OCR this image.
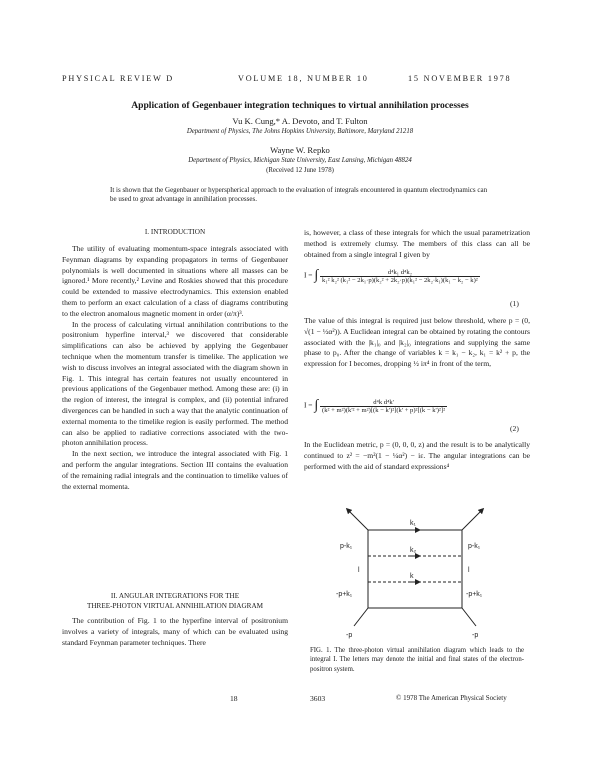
PHYSICAL REVIEW D	VOLUME 18, NUMBER 10	15 NOVEMBER 1978
Application of Gegenbauer integration techniques to virtual annihilation processes
Vu K. Cung,* A. Devoto, and T. Fulton
Department of Physics, The Johns Hopkins University, Baltimore, Maryland 21218
Wayne W. Repko
Department of Physics, Michigan State University, East Lansing, Michigan 48824
(Received 12 June 1978)
It is shown that the Gegenbauer or hyperspherical approach to the evaluation of integrals encountered in quantum electrodynamics can be used to great advantage in annihilation processes.
I. INTRODUCTION

The utility of evaluating momentum-space integrals associated with Feynman diagrams by expanding propagators in terms of Gegenbauer polynomials is well documented in situations where all masses can be ignored.¹ More recently,² Levine and Roskies showed that this procedure could be extended to massive electrodynamics. This extension enabled them to perform an exact calculation of a class of diagrams contributing to the electron anomalous magnetic moment in order (α/π)³.

In the process of calculating virtual annihilation contributions to the positronium hyperfine interval,³ we discovered that considerable simplifications can also be achieved by applying the Gegenbauer technique when the momentum transfer is timelike. The application we wish to discuss involves an integral associated with the diagram shown in Fig. 1. This integral has certain features not usually encountered in previous applications of the Gegenbauer method. Among these are: (i) in the region of interest, the integral is complex, and (ii) potential infrared divergences can be handled in such a way that the analytic continuation of external momenta to the timelike region is easily performed. The method can also be applied to radiative corrections associated with the two-photon annihilation process.

In the next section, we introduce the integral associated with Fig. 1 and perform the angular integrations. Section III contains the evaluation of the remaining radial integrals and the continuation to timelike values of the external momenta.

II. ANGULAR INTEGRATIONS FOR THE
THREE-PHOTON VIRTUAL ANNIHILATION DIAGRAM

The contribution of Fig. 1 to the hyperfine interval of positronium involves a variety of integrals, many of which can be evaluated using standard Feynman parameter techniques. There

is, however, a class of these integrals for which the usual parametrization method is extremely clumsy. The members of this class can all be obtained from a single integral I given by

I = ∫	d⁴k₁ d⁴k₂
k₁² k₂² (k₁² − 2k₁·p)(k₂² + 2k₂·p)(k₁² − 2k₂·k₁)(k₁ − k₂ − k)²
(1)

The value of this integral is required just below threshold, where p = (0, √(1 − ½α²)). A Euclidean integral can be obtained by rotating the contours associated with the |k₁|₀ and |k₂|₀ integrations and supplying the same phase to p₀. After the change of variables k = k₁ − k₂, k₁ = k² + p, the expression for I becomes, dropping ½ iπ⁴ in front of the term,

I = ∫ $\frac{\text{d⁴k d⁴k'}}{\text{(k² + m²)(k'² + m²)[(k − k')²](k' + p)²[(k − k')²]²}}$
(2)

In the Euclidean metric, p = (0, 0, 0, z) and the result is to be analytically continued to z² = −m²(1 − ¼α²) − iε. The angular integrations can be performed with the aid of standard expressions⁴

k₁
k₂
k
p-k₁
-p+k₁
p-k₁
-p+k₁
l	l
-p	-p
FIG. 1. The three-photon virtual annihilation diagram which leads to the integral I. The letters may denote the initial and final states of the electron-positron system.
18	3603	© 1978 The American Physical Society
